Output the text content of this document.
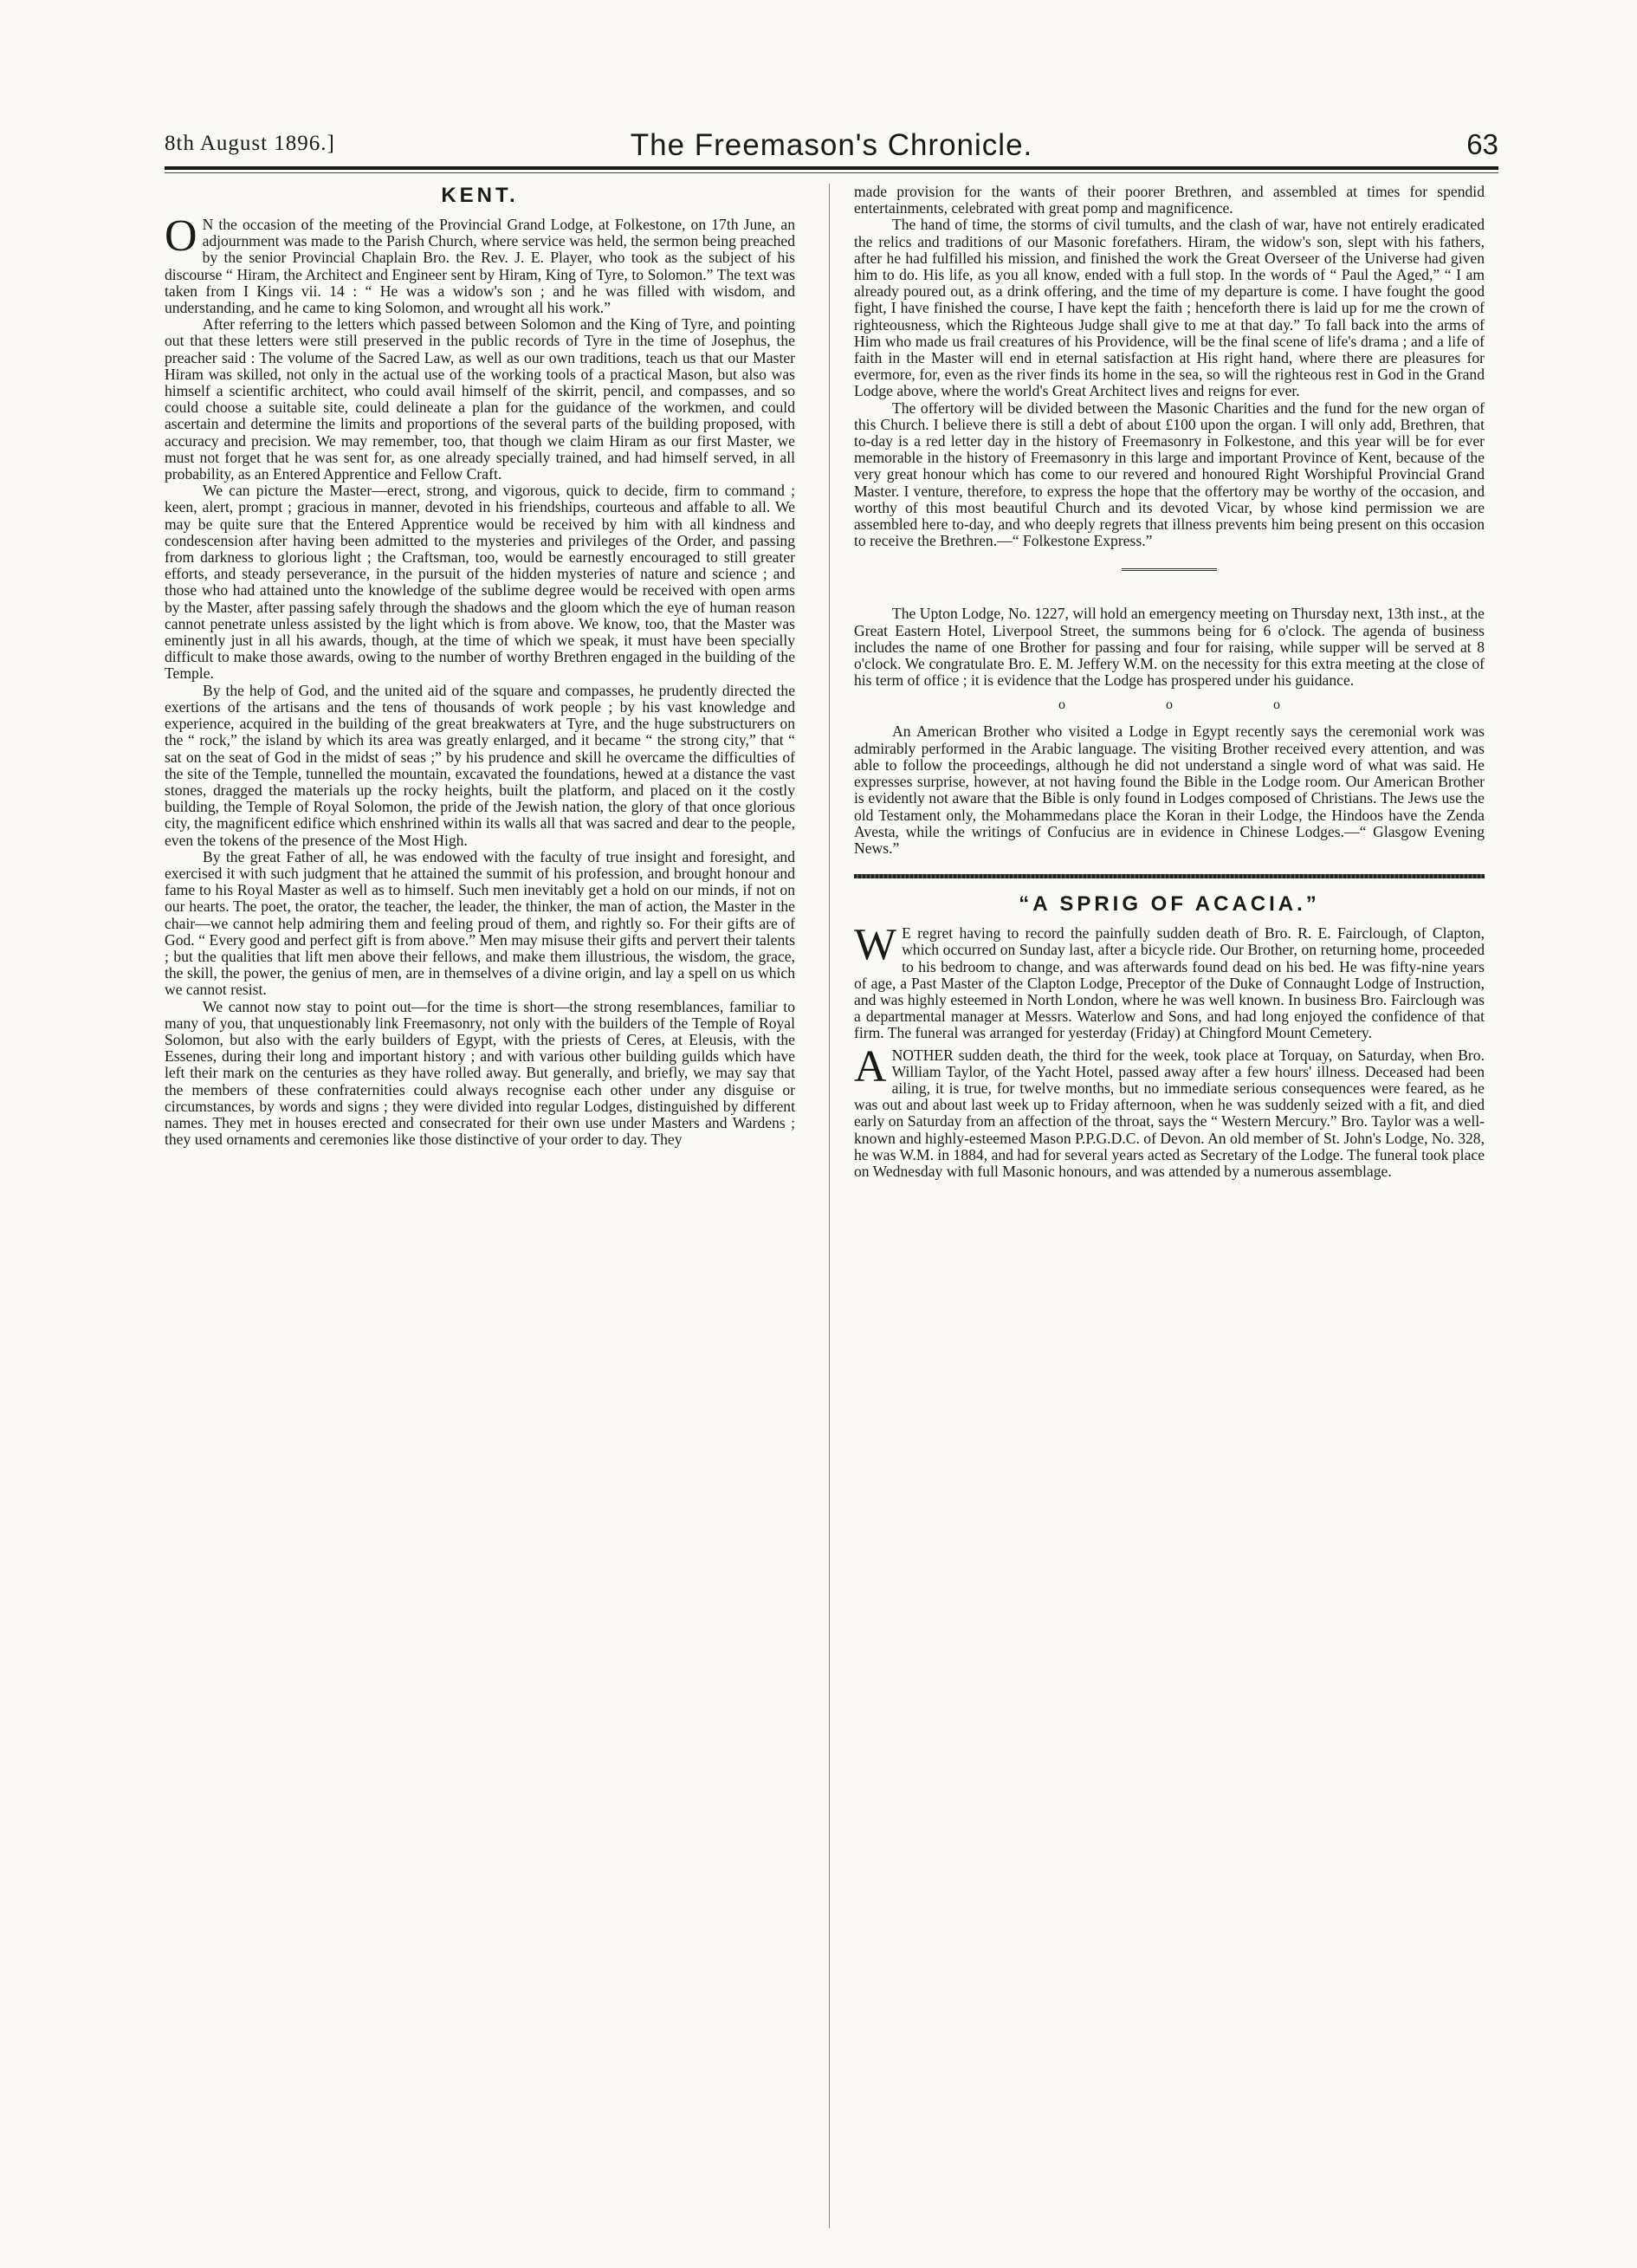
8th August 1896.]	The Freemason's Chronicle.	63
KENT.

O N the occasion of the meeting of the Provincial Grand Lodge, at Folkestone, on 17th June, an adjournment was made to the Parish Church, where service was held, the sermon being preached by the senior Provincial Chaplain Bro. the Rev. J. E. Player, who took as the subject of his discourse “ Hiram, the Architect and Engineer sent by Hiram, King of Tyre, to Solomon.” The text was taken from I Kings vii. 14 : “ He was a widow's son ; and he was filled with wisdom, and understanding, and he came to king Solomon, and wrought all his work.”

After referring to the letters which passed between Solomon and the King of Tyre, and pointing out that these letters were still preserved in the public records of Tyre in the time of Josephus, the preacher said : The volume of the Sacred Law, as well as our own traditions, teach us that our Master Hiram was skilled, not only in the actual use of the working tools of a practical Mason, but also was himself a scientific architect, who could avail himself of the skirrit, pencil, and compasses, and so could choose a suitable site, could delineate a plan for the guidance of the workmen, and could ascertain and determine the limits and proportions of the several parts of the building proposed, with accuracy and precision. We may remember, too, that though we claim Hiram as our first Master, we must not forget that he was sent for, as one already specially trained, and had himself served, in all probability, as an Entered Apprentice and Fellow Craft.

We can picture the Master—erect, strong, and vigorous, quick to decide, firm to command ; keen, alert, prompt ; gracious in manner, devoted in his friendships, courteous and affable to all. We may be quite sure that the Entered Apprentice would be received by him with all kindness and condescension after having been admitted to the mysteries and privileges of the Order, and passing from darkness to glorious light ; the Craftsman, too, would be earnestly encouraged to still greater efforts, and steady perseverance, in the pursuit of the hidden mysteries of nature and science ; and those who had attained unto the knowledge of the sublime degree would be received with open arms by the Master, after passing safely through the shadows and the gloom which the eye of human reason cannot penetrate unless assisted by the light which is from above. We know, too, that the Master was eminently just in all his awards, though, at the time of which we speak, it must have been specially difficult to make those awards, owing to the number of worthy Brethren engaged in the building of the Temple.

By the help of God, and the united aid of the square and compasses, he prudently directed the exertions of the artisans and the tens of thousands of work people ; by his vast knowledge and experience, acquired in the building of the great breakwaters at Tyre, and the huge substructurers on the “ rock,” the island by which its area was greatly enlarged, and it became “ the strong city,” that “ sat on the seat of God in the midst of seas ;” by his prudence and skill he overcame the difficulties of the site of the Temple, tunnelled the mountain, excavated the foundations, hewed at a distance the vast stones, dragged the materials up the rocky heights, built the platform, and placed on it the costly building, the Temple of Royal Solomon, the pride of the Jewish nation, the glory of that once glorious city, the magnificent edifice which enshrined within its walls all that was sacred and dear to the people, even the tokens of the presence of the Most High.

By the great Father of all, he was endowed with the faculty of true insight and foresight, and exercised it with such judgment that he attained the summit of his profession, and brought honour and fame to his Royal Master as well as to himself. Such men inevitably get a hold on our minds, if not on our hearts. The poet, the orator, the teacher, the leader, the thinker, the man of action, the Master in the chair—we cannot help admiring them and feeling proud of them, and rightly so. For their gifts are of God. “ Every good and perfect gift is from above.” Men may misuse their gifts and pervert their talents ; but the qualities that lift men above their fellows, and make them illustrious, the wisdom, the grace, the skill, the power, the genius of men, are in themselves of a divine origin, and lay a spell on us which we cannot resist.

We cannot now stay to point out—for the time is short—the strong resemblances, familiar to many of you, that unquestionably link Freemasonry, not only with the builders of the Temple of Royal Solomon, but also with the early builders of Egypt, with the priests of Ceres, at Eleusis, with the Essenes, during their long and important history ; and with various other building guilds which have left their mark on the centuries as they have rolled away. But generally, and briefly, we may say that the members of these confraternities could always recognise each other under any disguise or circumstances, by words and signs ; they were divided into regular Lodges, distinguished by different names. They met in houses erected and consecrated for their own use under Masters and Wardens ; they used ornaments and ceremonies like those distinctive of your order to day. They

made provision for the wants of their poorer Brethren, and assembled at times for spendid entertainments, celebrated with great pomp and magnificence.

The hand of time, the storms of civil tumults, and the clash of war, have not entirely eradicated the relics and traditions of our Masonic forefathers. Hiram, the widow's son, slept with his fathers, after he had fulfilled his mission, and finished the work the Great Overseer of the Universe had given him to do. His life, as you all know, ended with a full stop. In the words of “ Paul the Aged,” “ I am already poured out, as a drink offering, and the time of my departure is come. I have fought the good fight, I have finished the course, I have kept the faith ; henceforth there is laid up for me the crown of righteousness, which the Righteous Judge shall give to me at that day.” To fall back into the arms of Him who made us frail creatures of his Providence, will be the final scene of life's drama ; and a life of faith in the Master will end in eternal satisfaction at His right hand, where there are pleasures for evermore, for, even as the river finds its home in the sea, so will the righteous rest in God in the Grand Lodge above, where the world's Great Architect lives and reigns for ever.

The offertory will be divided between the Masonic Charities and the fund for the new organ of this Church. I believe there is still a debt of about £100 upon the organ. I will only add, Brethren, that to-day is a red letter day in the history of Freemasonry in Folkestone, and this year will be for ever memorable in the history of Freemasonry in this large and important Province of Kent, because of the very great honour which has come to our revered and honoured Right Worshipful Provincial Grand Master. I venture, therefore, to express the hope that the offertory may be worthy of the occasion, and worthy of this most beautiful Church and its devoted Vicar, by whose kind permission we are assembled here to-day, and who deeply regrets that illness prevents him being present on this occasion to receive the Brethren.—“ Folkestone Express.”

The Upton Lodge, No. 1227, will hold an emergency meeting on Thursday next, 13th inst., at the Great Eastern Hotel, Liverpool Street, the summons being for 6 o'clock. The agenda of business includes the name of one Brother for passing and four for raising, while supper will be served at 8 o'clock. We congratulate Bro. E. M. Jeffery W.M. on the necessity for this extra meeting at the close of his term of office ; it is evidence that the Lodge has prospered under his guidance.

o o o

An American Brother who visited a Lodge in Egypt recently says the ceremonial work was admirably performed in the Arabic language. The visiting Brother received every attention, and was able to follow the proceedings, although he did not understand a single word of what was said. He expresses surprise, however, at not having found the Bible in the Lodge room. Our American Brother is evidently not aware that the Bible is only found in Lodges composed of Christians. The Jews use the old Testament only, the Mohammedans place the Koran in their Lodge, the Hindoos have the Zenda Avesta, while the writings of Confucius are in evidence in Chinese Lodges.—“ Glasgow Evening News.”

“A SPRIG OF ACACIA.”

W E regret having to record the painfully sudden death of Bro. R. E. Fairclough, of Clapton, which occurred on Sunday last, after a bicycle ride. Our Brother, on returning home, proceeded to his bedroom to change, and was afterwards found dead on his bed. He was fifty-nine years of age, a Past Master of the Clapton Lodge, Preceptor of the Duke of Connaught Lodge of Instruction, and was highly esteemed in North London, where he was well known. In business Bro. Fairclough was a departmental manager at Messrs. Waterlow and Sons, and had long enjoyed the confidence of that firm. The funeral was arranged for yesterday (Friday) at Chingford Mount Cemetery.

ANOTHER sudden death, the third for the week, took place at Torquay, on Saturday, when Bro. William Taylor, of the Yacht Hotel, passed away after a few hours' illness. Deceased had been ailing, it is true, for twelve months, but no immediate serious consequences were feared, as he was out and about last week up to Friday afternoon, when he was suddenly seized with a fit, and died early on Saturday from an affection of the throat, says the “ Western Mercury.” Bro. Taylor was a well-known and highly-esteemed Mason P.P.G.D.C. of Devon. An old member of St. John's Lodge, No. 328, he was W.M. in 1884, and had for several years acted as Secretary of the Lodge. The funeral took place on Wednesday with full Masonic honours, and was attended by a numerous assemblage.
